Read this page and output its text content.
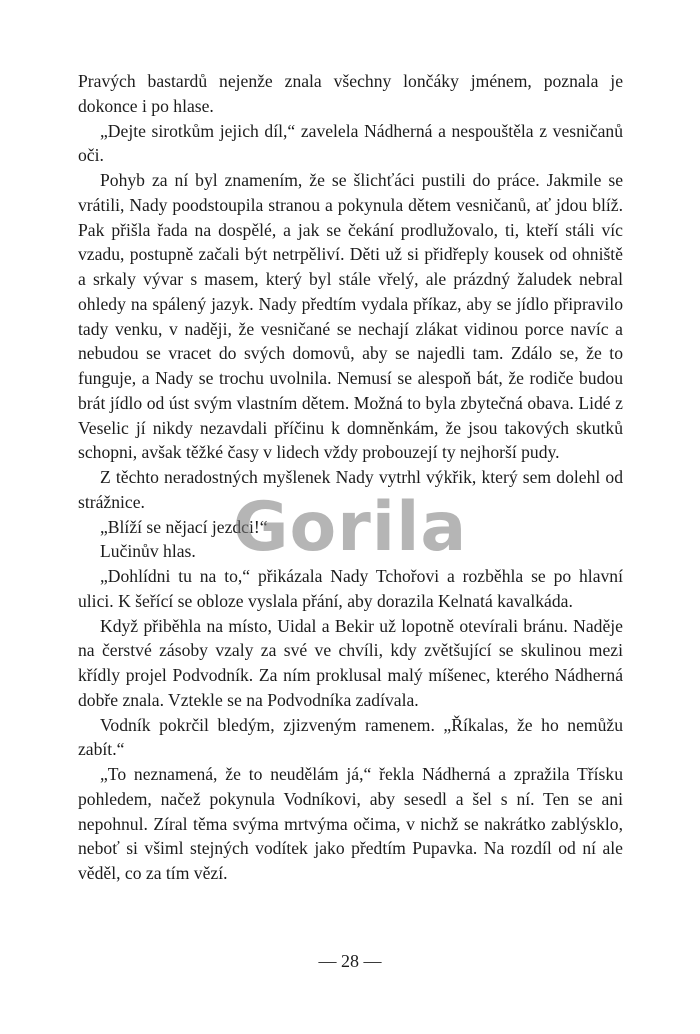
Pravých bastardů nejenže znala všechny lončáky jménem, poznala je dokonce i po hlase.

„Dejte sirotkům jejich díl,“ zavelela Nádherná a nespouštěla z vesničanů oči.

Pohyb za ní byl znamením, že se šlichťáci pustili do práce. Jakmile se vrátili, Nady poodstoupila stranou a pokynula dětem vesničanů, ať jdou blíž. Pak přišla řada na dospělé, a jak se čekání prodlužovalo, ti, kteří stáli víc vzadu, postupně začali být netrpěliví. Děti už si přidřeply kousek od ohniště a srkaly vývar s masem, který byl stále vřelý, ale prázdný žaludek nebral ohledy na spálený jazyk. Nady předtím vydala příkaz, aby se jídlo připravilo tady venku, v naději, že vesničané se nechají zlákat vidinou porce navíc a nebudou se vracet do svých domovů, aby se najedli tam. Zdálo se, že to funguje, a Nady se trochu uvolnila. Nemusí se alespoň bát, že rodiče budou brát jídlo od úst svým vlastním dětem. Možná to byla zbytečná obava. Lidé z Veselic jí nikdy nezavdali příčinu k domněnkám, že jsou takových skutků schopni, avšak těžké časy v lidech vždy probouzejí ty nejhorší pudy.

Z těchto neradostných myšlenek Nady vytrhl výkřik, který sem dolehl od strážnice.

„Blíží se nějací jezdci!“

Lučinův hlas.

„Dohlídni tu na to,“ přikázala Nady Tchořovi a rozběhla se po hlavní ulici. K šeřící se obloze vyslala přání, aby dorazila Kelnatá kavalkáda.

Když přiběhla na místo, Uidal a Bekir už lopotně otevírali bránu. Naděje na čerstvé zásoby vzaly za své ve chvíli, kdy zvětšující se skulinou mezi křídly projel Podvodník. Za ním proklusal malý míšenec, kterého Nádherná dobře znala. Vztekle se na Podvodníka zadívala.

Vodník pokrčil bledým, zjizveným ramenem. „Říkalas, že ho nemůžu zabít.“

„To neznamená, že to neudělám já,“ řekla Nádherná a zpražila Třísku pohledem, načež pokynula Vodníkovi, aby sesedl a šel s ní. Ten se ani nepohnul. Zíral těma svýma mrtvýma očima, v nichž se nakrátko zablýsklo, neboť si všiml stejných vodítek jako předtím Pupavka. Na rozdíl od ní ale věděl, co za tím vězí.

Gorila
— 28 —
